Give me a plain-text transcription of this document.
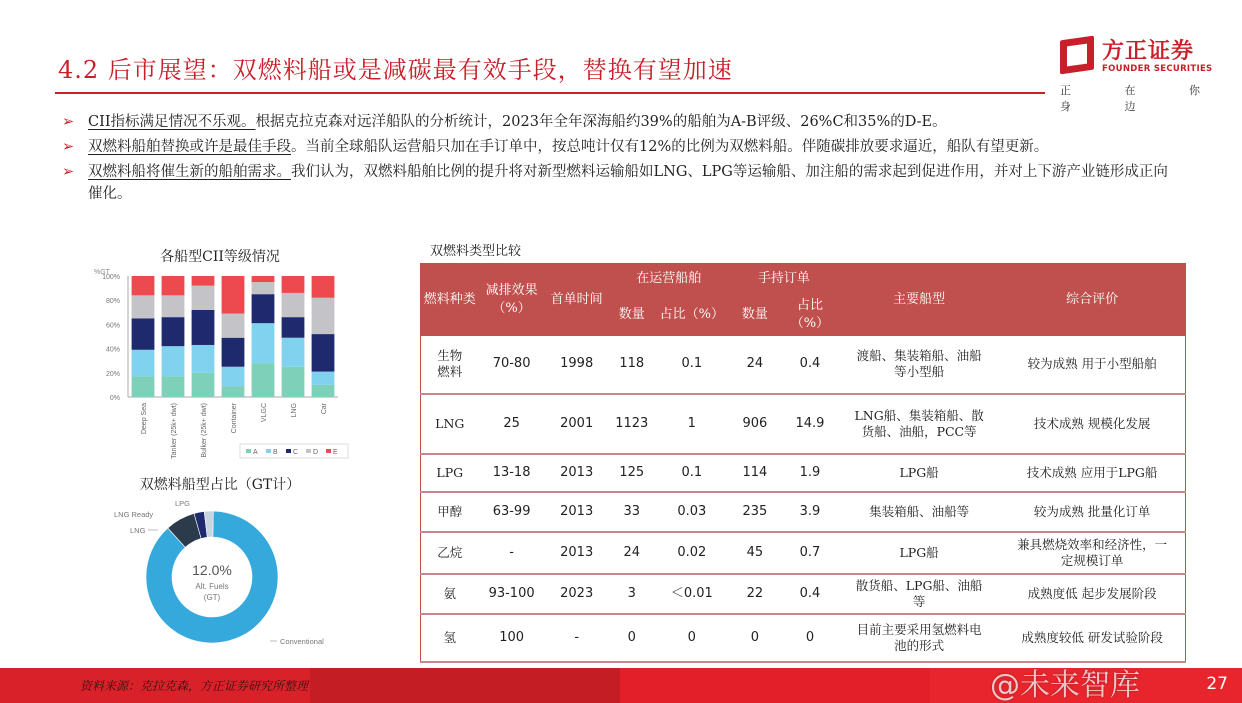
4.2 后市展望：双燃料船或是减碳最有效手段，替换有望加速
方正证券
FOUNDER SECURITIES
正 在 你 身 边
➢ CII指标满足情况不乐观。根据克拉克森对远洋船队的分析统计，2023年全年深海船约39%的船舶为A-B评级、26%C和35%的D-E。
➢ 双燃料船舶替换或许是最佳手段。当前全球船队运营船只加在手订单中，按总吨计仅有12%的比例为双燃料船。伴随碳排放要求逼近，船队有望更新。
➢ 双燃料船将催生新的船舶需求。我们认为，双燃料船舶比例的提升将对新型燃料运输船如LNG、LPG等运输船、加注船的需求起到促进作用，并对上下游产业链形成正向催化。
各船型CII等级情况
%GT
0%
20%
40%
60%
80%
100%
Deep Sea	Tanker (25k+ dwt)	Bulker (25k+ dwt)	Container	VLGC	LNG	Car
A B C D E
双燃料船型占比（GT计）
12.0%
Alt. Fuels
(GT)
Conventional
LNG
LNG Ready
LPG
双燃料类型比较
燃料种类	减排效果（%）	首单时间	在运营船舶		手持订单		主要船型	综合评价
			数量	占比（%）	数量	占比（%）		
生物燃料	70-80	1998	118	0.1	24	0.4	渡船、集装箱船、油船等小型船	较为成熟 用于小型船舶
LNG	25	2001	1123	1	906	14.9	LNG船、集装箱船、散货船、油船，PCC等	技术成熟 规模化发展
LPG	13-18	2013	125	0.1	114	1.9	LPG船	技术成熟 应用于LPG船
甲醇	63-99	2013	33	0.03	235	3.9	集装箱船、油船等	较为成熟 批量化订单
乙烷	-	2013	24	0.02	45	0.7	LPG船	兼具燃烧效率和经济性，一定规模订单
氨	93-100	2023	3	＜0.01	22	0.4	散货船、LPG船、油船等	成熟度低 起步发展阶段
氢	100	-	0	0	0	0	目前主要采用氢燃料电池的形式	成熟度较低 研发试验阶段
资料来源：克拉克森，方正证券研究所整理	@未来智库	27
